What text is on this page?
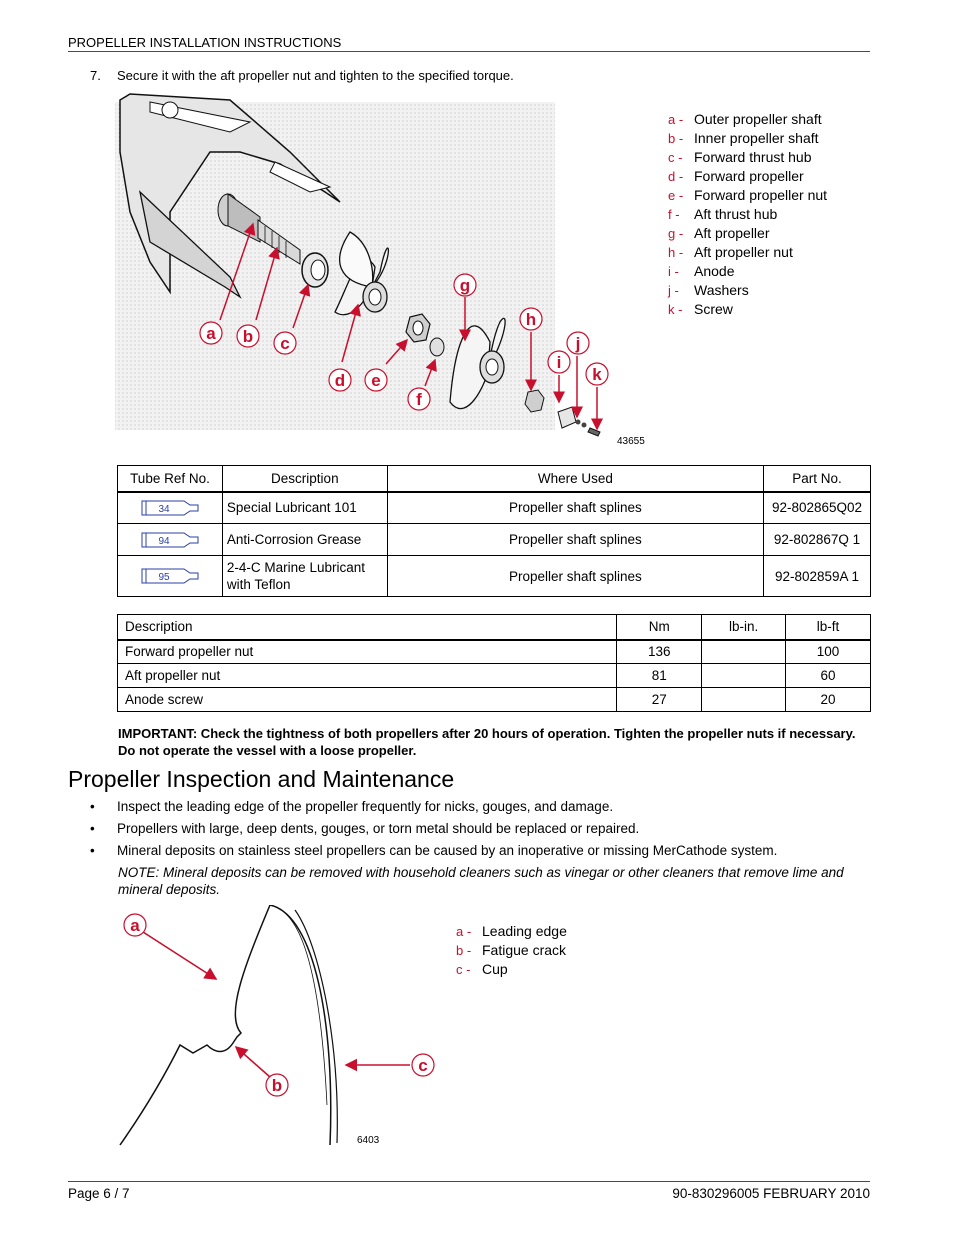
PROPELLER INSTALLATION INSTRUCTIONS
7. Secure it with the aft propeller nut and tighten to the specified torque.
a b c
d e
f
g
h
i
j
k
43655
a - Outer propeller shaft
b - Inner propeller shaft
c - Forward thrust hub
d - Forward propeller
e - Forward propeller nut
f - Aft thrust hub
g - Aft propeller
h - Aft propeller nut
i - Anode
j - Washers
k - Screw
Tube Ref No.	Description	Where Used	Part No.

34	Special Lubricant 101	Propeller shaft splines	92-802865Q02

94	Anti-Corrosion Grease	Propeller shaft splines	92-802867Q 1

95	2-4-C Marine Lubricant with Teflon	Propeller shaft splines	92-802859A 1
Description	Nm	lb-in.	lb-ft
Forward propeller nut	136		100
Aft propeller nut	81		60
Anode screw	27		20
IMPORTANT: Check the tightness of both propellers after 20 hours of operation. Tighten the propeller nuts if necessary. Do not operate the vessel with a loose propeller.
Propeller Inspection and Maintenance
• Inspect the leading edge of the propeller frequently for nicks, gouges, and damage.
• Propellers with large, deep dents, gouges, or torn metal should be replaced or repaired.
• Mineral deposits on stainless steel propellers can be caused by an inoperative or missing MerCathode system.
NOTE: Mineral deposits can be removed with household cleaners such as vinegar or other cleaners that remove lime and mineral deposits.
a
b
c
6403
a - Leading edge
b - Fatigue crack
c - Cup
Page 6 / 7	90-830296005 FEBRUARY 2010
